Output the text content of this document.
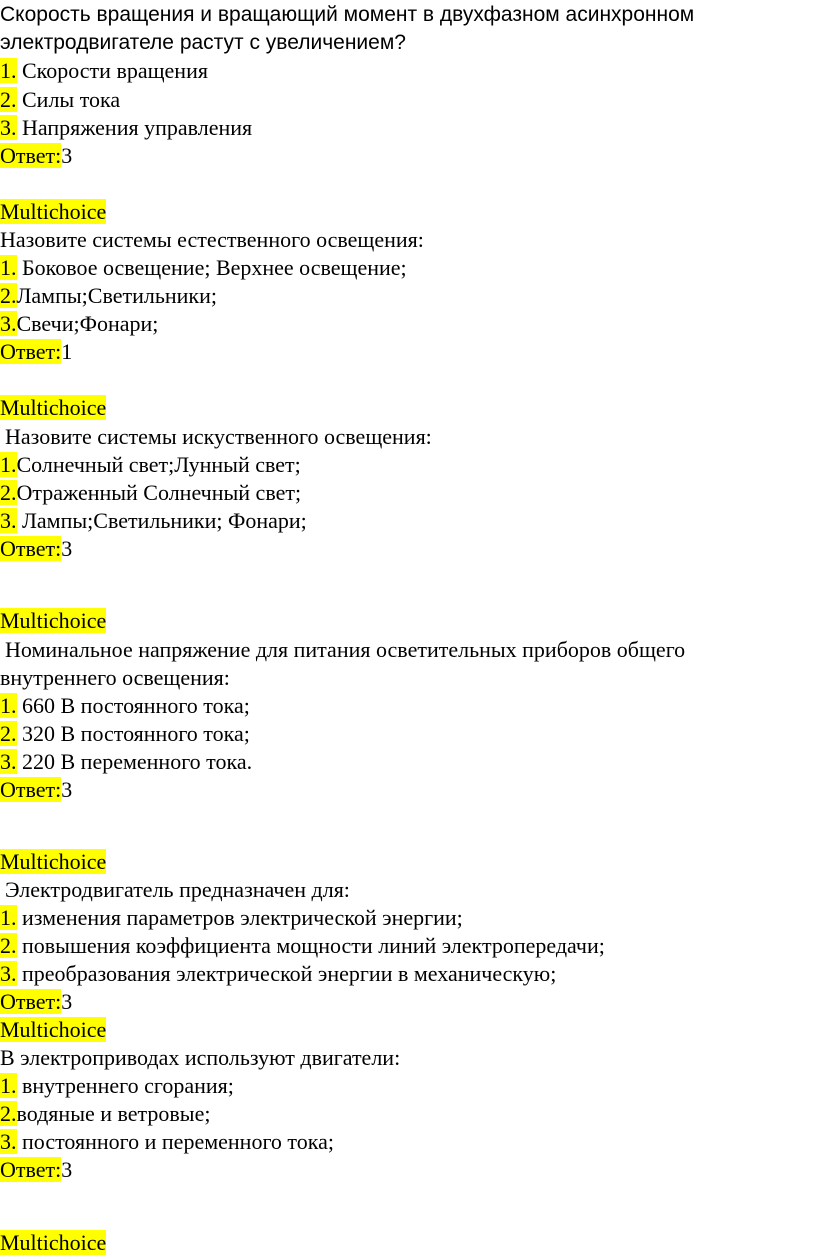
Скорость вращения и вращающий момент в двухфазном асинхронном
электродвигателе растут с увеличением?
1. Скорости вращения
2. Силы тока
3. Напряжения управления
Ответ:3
Multichoice
Назовите системы естественного освещения:
1. Боковое освещение; Верхнее освещение;
2.Лампы;Светильники;
3.Свечи;Фонари;
Ответ:1
Multichoice
Назовите системы искуственного освещения:
1.Солнечный свет;Лунный свет;
2.Отраженный Солнечный свет;
3. Лампы;Светильники; Фонари;
Ответ:3
Multichoice
Номинальное напряжение для питания осветительных приборов общего
внутреннего освещения:
1. 660 В постоянного тока;
2. 320 В постоянного тока;
3. 220 В переменного тока.
Ответ:3
Multichoice
Электродвигатель предназначен для:
1. изменения параметров электрической энергии;
2. повышения коэффициента мощности линий электропередачи;
3. преобразования электрической энергии в механическую;
Ответ:3
Multichoice
В электроприводах используют двигатели:
1. внутреннего сгорания;
2.водяные и ветровые;
3. постоянного и переменного тока;
Ответ:3
Multichoice
